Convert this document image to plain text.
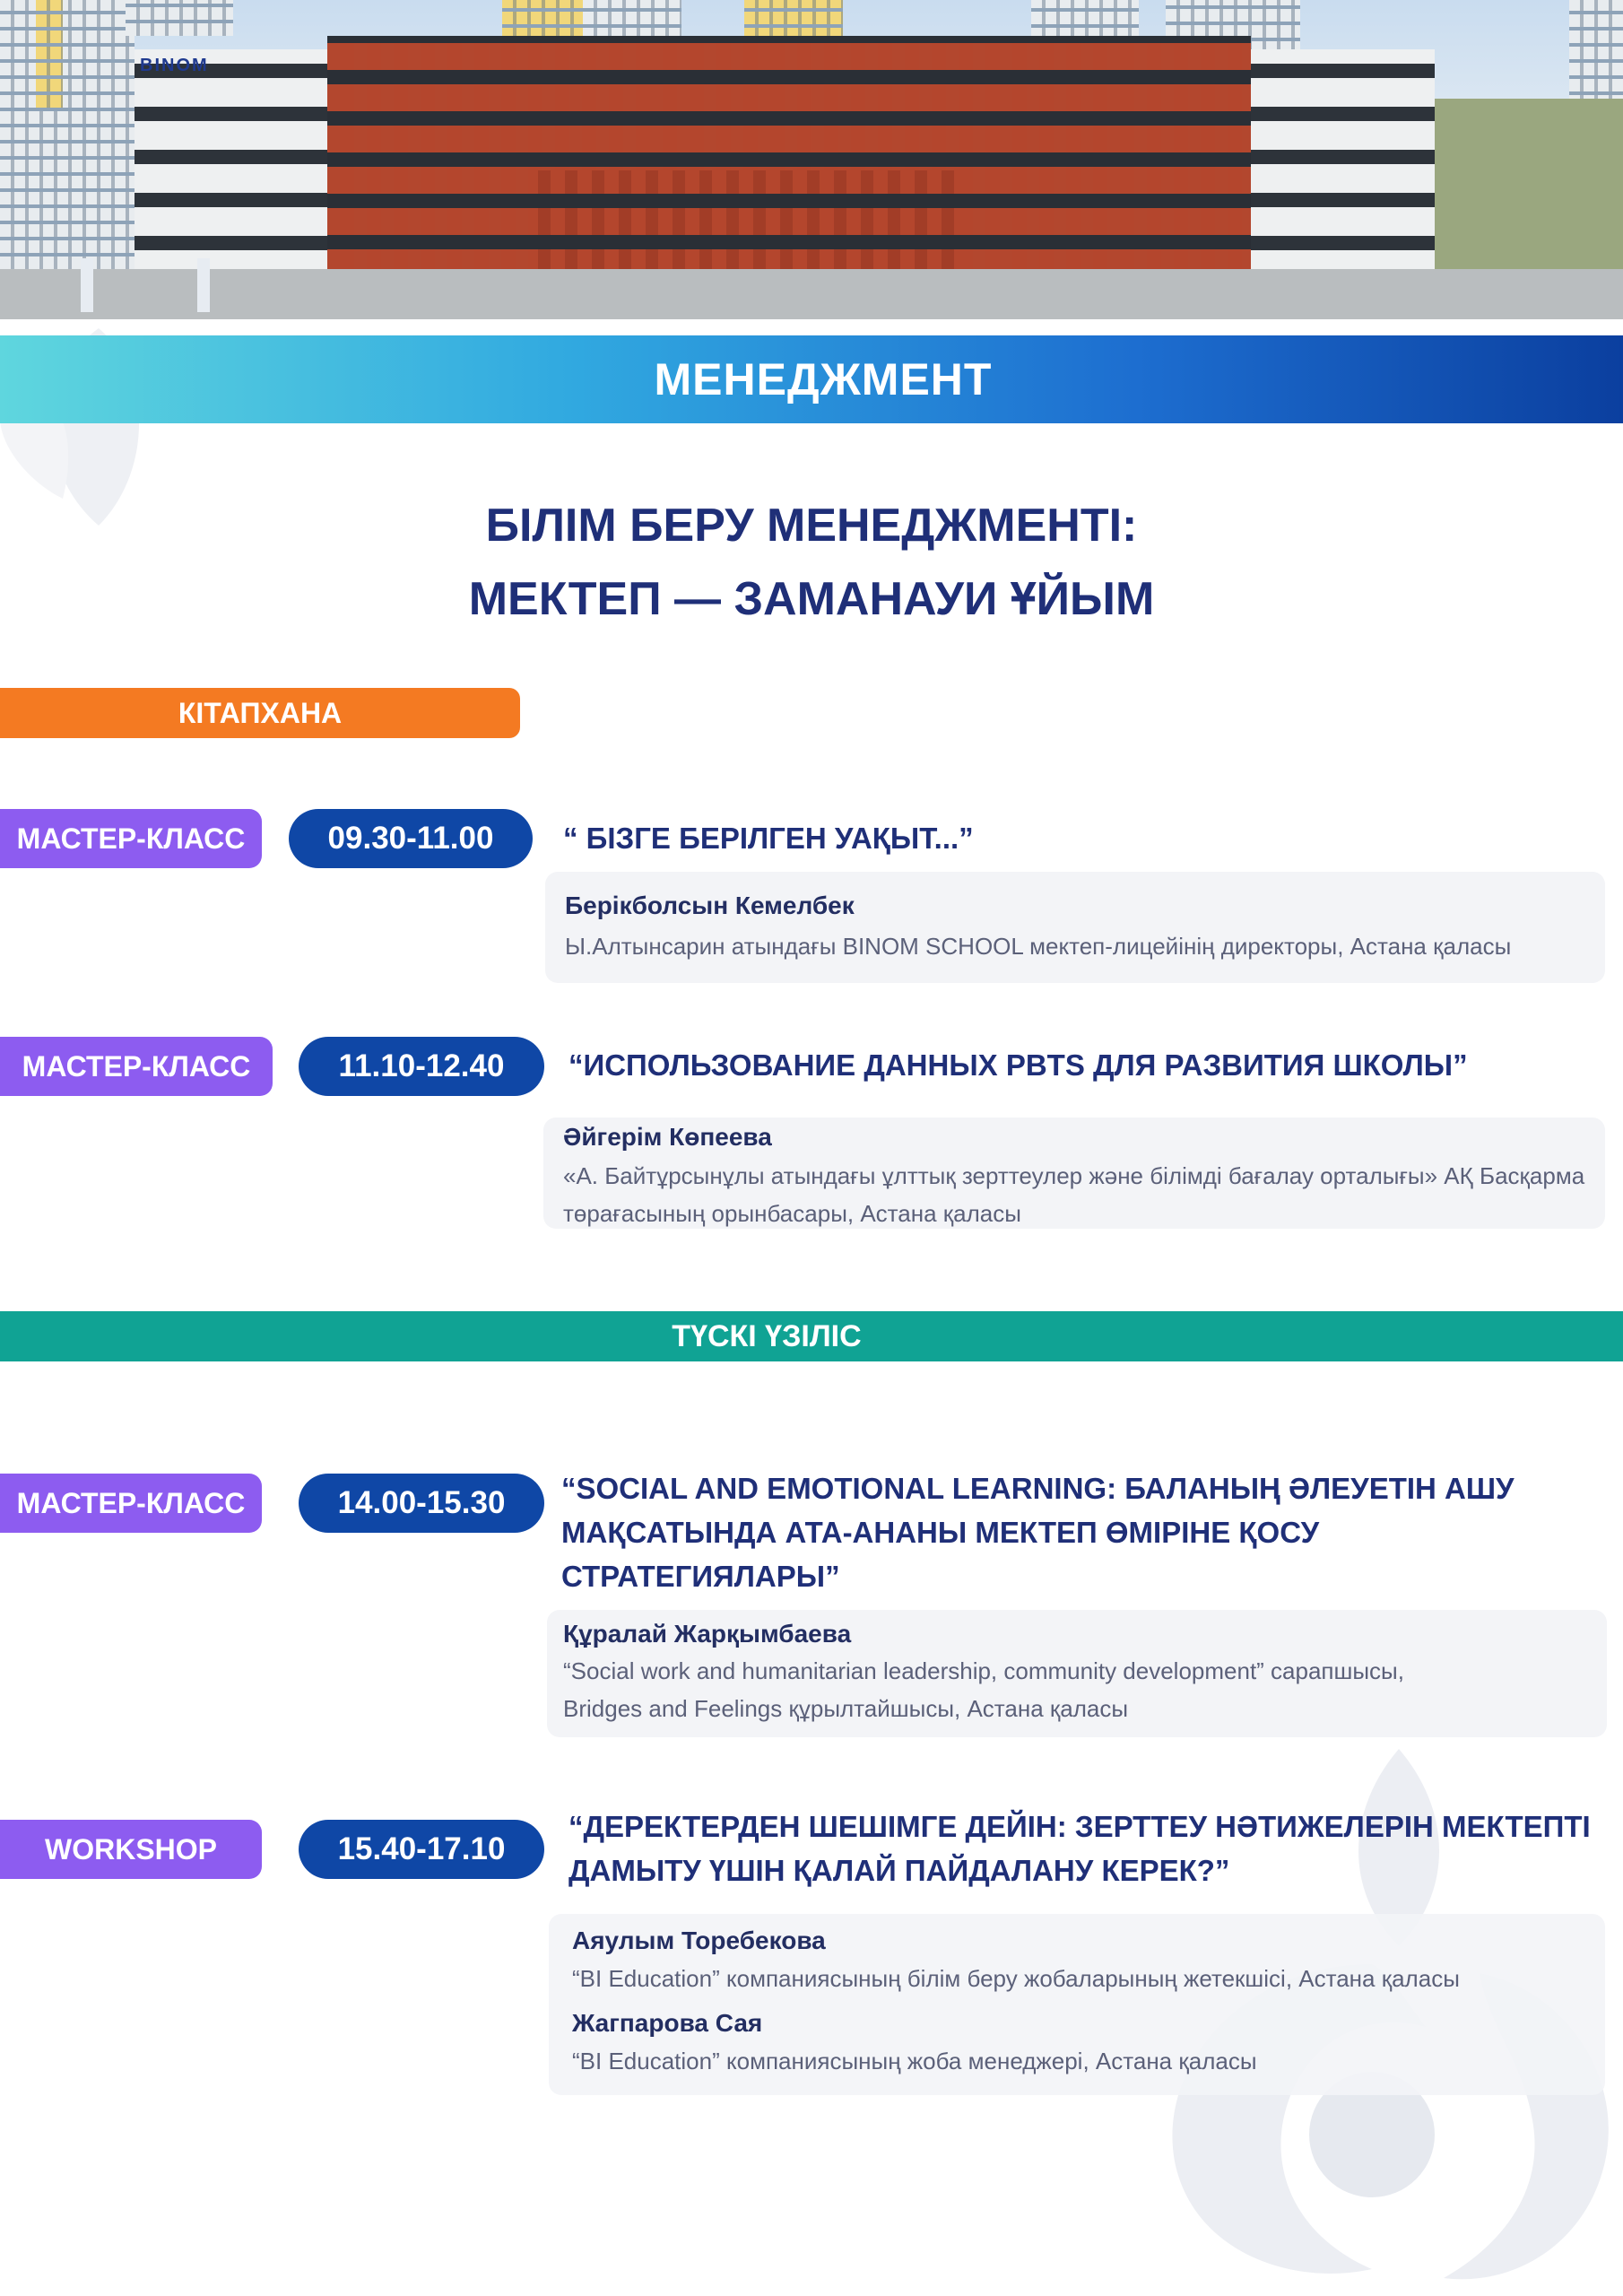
BINOM
МЕНЕДЖМЕНТ
БІЛІМ БЕРУ МЕНЕДЖМЕНТІ:
МЕКТЕП — ЗАМАНАУИ ҰЙЫМ
КІТАПХАНА
МАСТЕР-КЛАСС	09.30-11.00	“ БІЗГЕ БЕРІЛГЕН УАҚЫТ...”
Берікболсын Кемелбек
Ы.Алтынсарин атындағы BINOM SCHOOL мектеп-лицейінің директоры, Астана қаласы
МАСТЕР-КЛАСС	11.10-12.40	“ИСПОЛЬЗОВАНИЕ ДАННЫХ PBTS ДЛЯ РАЗВИТИЯ ШКОЛЫ”
Әйгерім Көпеева
«А. Байтұрсынұлы атындағы ұлттық зерттеулер және білімді бағалау орталығы» АҚ Басқарма
төрағасының орынбасары, Астана қаласы
ТҮСКІ ҮЗІЛІС
МАСТЕР-КЛАСС	14.00-15.30	“SOCIAL AND EMOTIONAL LEARNING: БАЛАНЫҢ ӘЛЕУЕТІН АШУ
МАҚСАТЫНДА АТА-АНАНЫ МЕКТЕП ӨМІРІНЕ ҚОСУ
СТРАТЕГИЯЛАРЫ”
Құралай Жарқымбаева
“Social work and humanitarian leadership, community development” сарапшысы,
Bridges and Feelings құрылтайшысы, Астана қаласы
WORKSHOP	15.40-17.10
“ДЕРЕКТЕРДЕН ШЕШІМГЕ ДЕЙІН: ЗЕРТТЕУ НӘТИЖЕЛЕРІН МЕКТЕПТІ
ДАМЫТУ ҮШІН ҚАЛАЙ ПАЙДАЛАНУ КЕРЕК?”
Аяулым Торебекова
“BI Education” компаниясының білім беру жобаларының жетекшісі, Астана қаласы
Жагпарова Сая
“BI Education” компаниясының жоба менеджері, Астана қаласы
